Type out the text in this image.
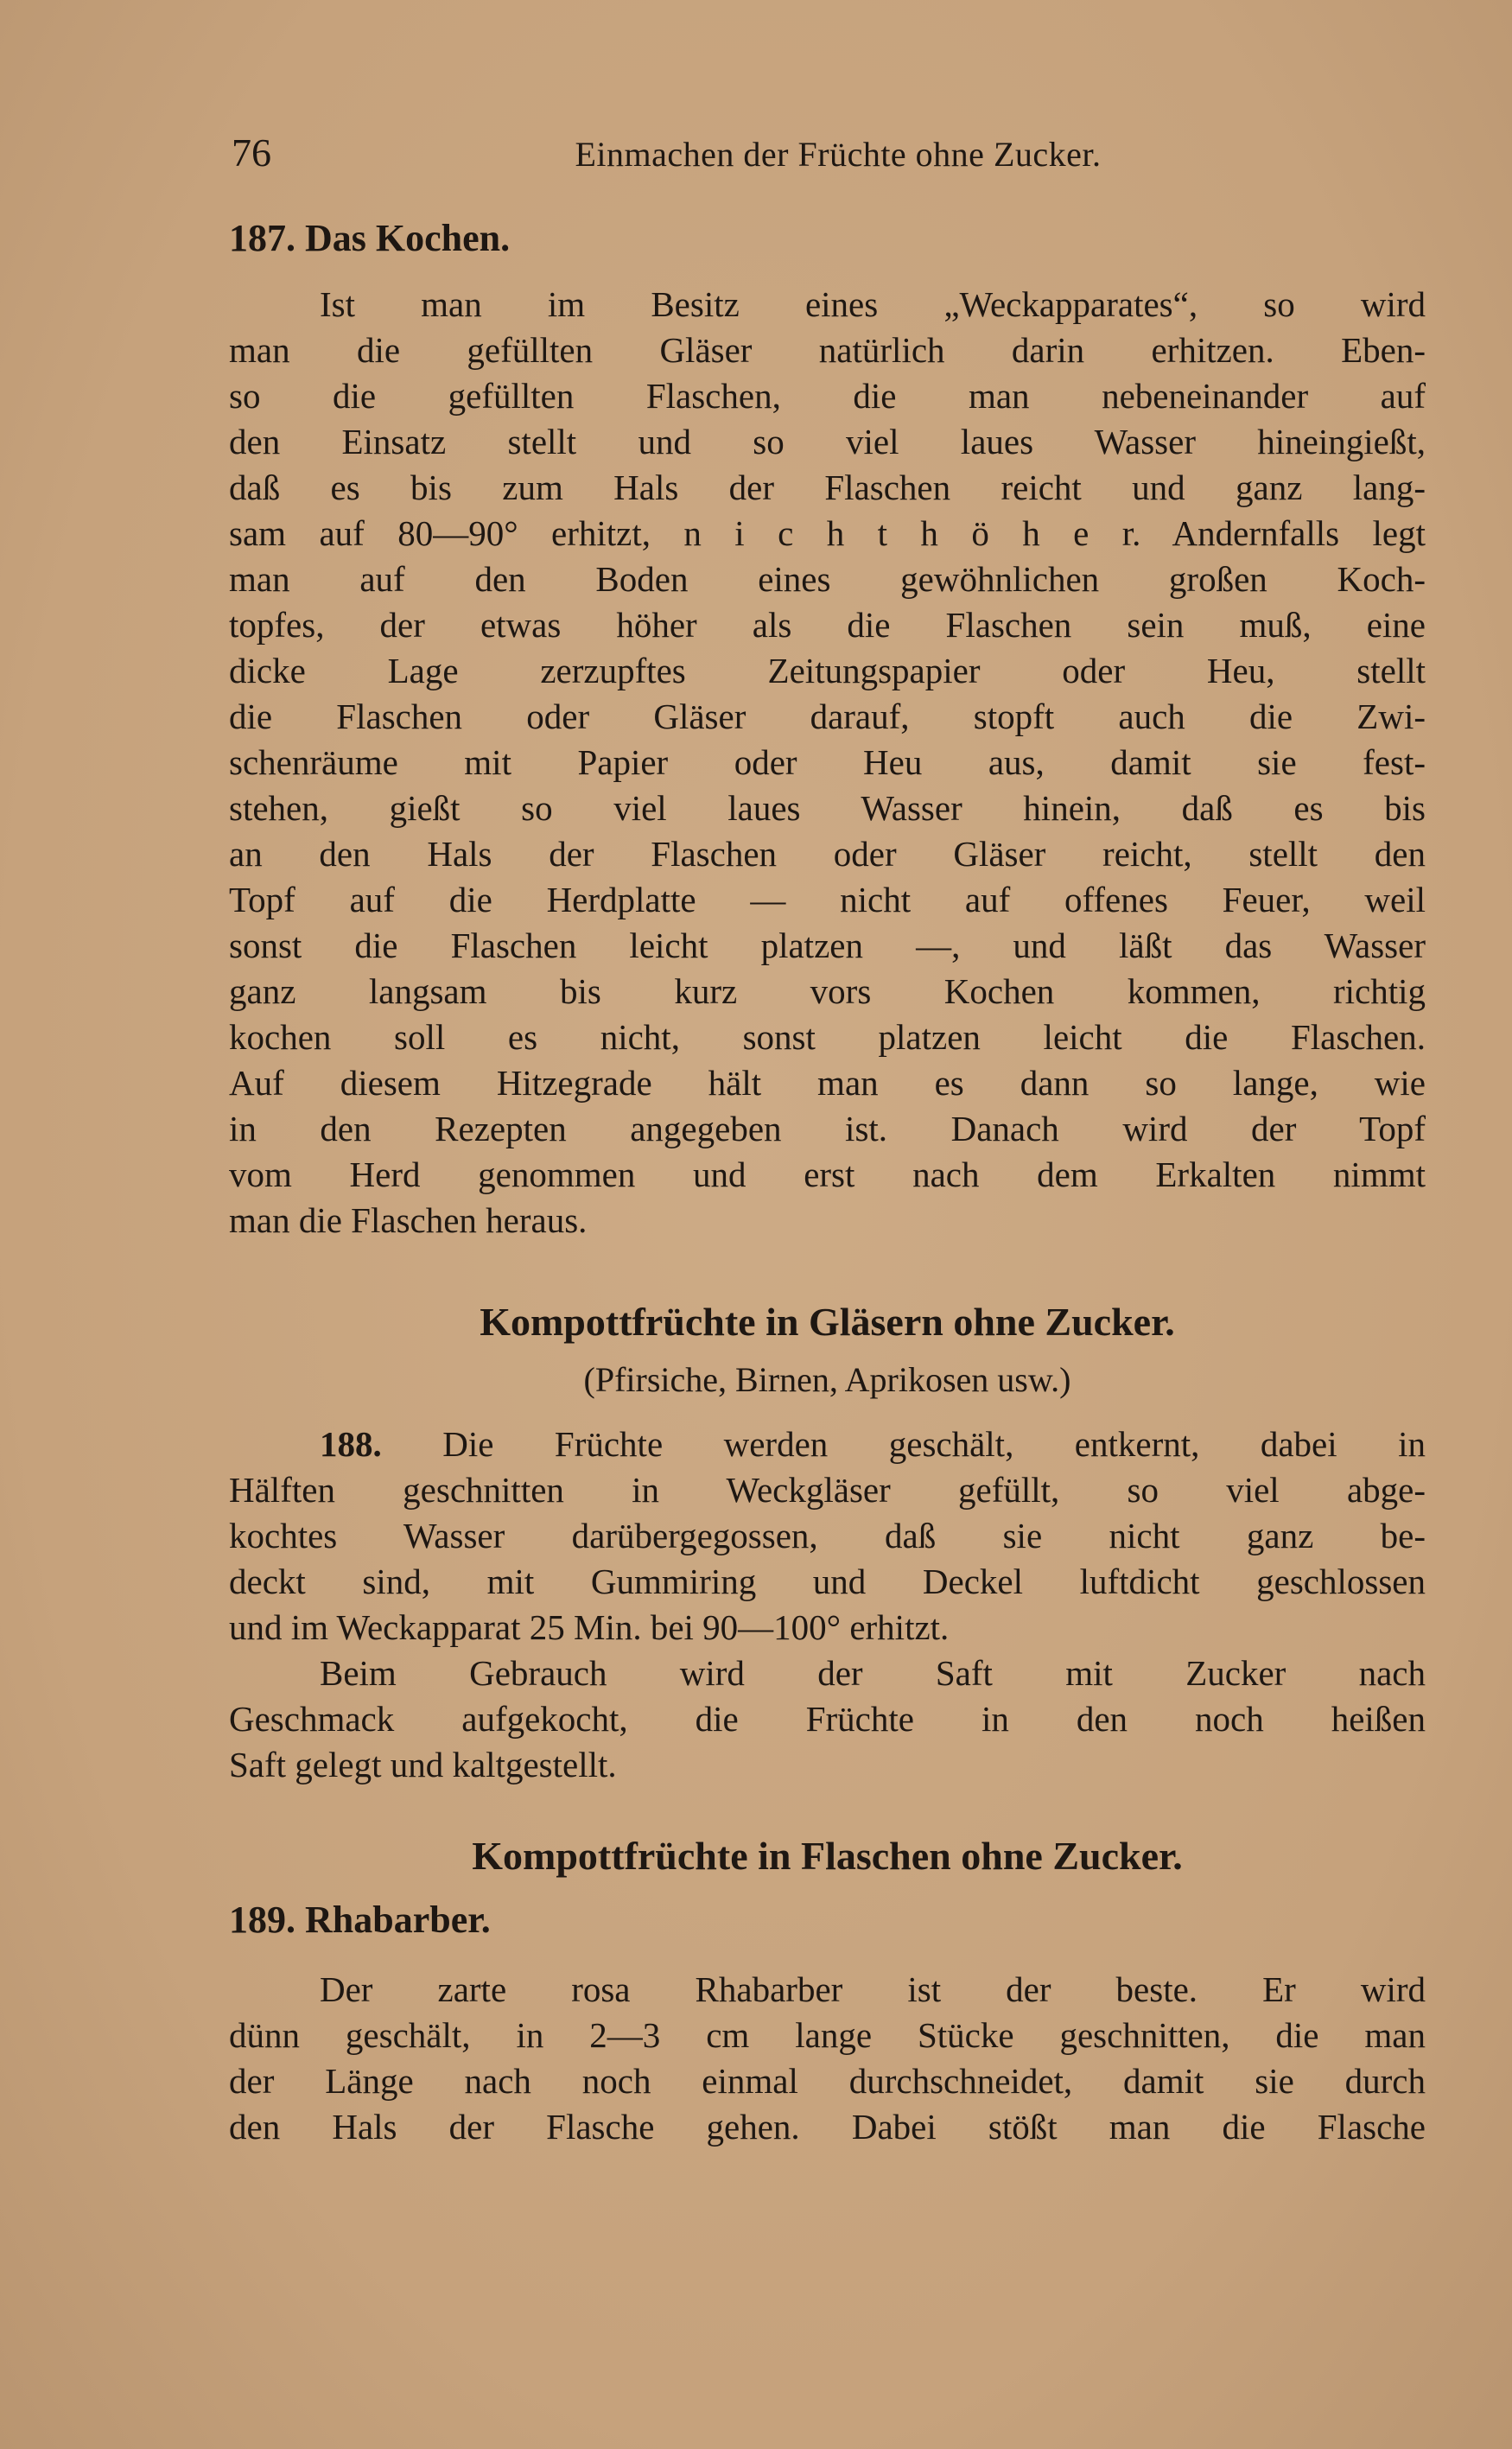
76	Einmachen der Früchte ohne Zucker.
187. Das Kochen.
Ist man im Besitz eines „Weckapparates“, so wird
man die gefüllten Gläser natürlich darin erhitzen. Eben-
so die gefüllten Flaschen, die man nebeneinander auf
den Einsatz stellt und so viel laues Wasser hineingießt,
daß es bis zum Hals der Flaschen reicht und ganz lang-
sam auf 80—90° erhitzt, n i c h t h ö h e r. Andernfalls legt
man auf den Boden eines gewöhnlichen großen Koch-
topfes, der etwas höher als die Flaschen sein muß, eine
dicke Lage zerzupftes Zeitungspapier oder Heu, stellt
die Flaschen oder Gläser darauf, stopft auch die Zwi-
schenräume mit Papier oder Heu aus, damit sie fest-
stehen, gießt so viel laues Wasser hinein, daß es bis
an den Hals der Flaschen oder Gläser reicht, stellt den
Topf auf die Herdplatte — nicht auf offenes Feuer, weil
sonst die Flaschen leicht platzen —, und läßt das Wasser
ganz langsam bis kurz vors Kochen kommen, richtig
kochen soll es nicht, sonst platzen leicht die Flaschen.
Auf diesem Hitzegrade hält man es dann so lange, wie
in den Rezepten angegeben ist. Danach wird der Topf
vom Herd genommen und erst nach dem Erkalten nimmt
man die Flaschen heraus.
Kompottfrüchte in Gläsern ohne Zucker.
(Pfirsiche, Birnen, Aprikosen usw.)
188. Die Früchte werden geschält, entkernt, dabei in
Hälften geschnitten in Weckgläser gefüllt, so viel abge-
kochtes Wasser darübergegossen, daß sie nicht ganz be-
deckt sind, mit Gummiring und Deckel luftdicht geschlossen
und im Weckapparat 25 Min. bei 90—100° erhitzt.
Beim Gebrauch wird der Saft mit Zucker nach
Geschmack aufgekocht, die Früchte in den noch heißen
Saft gelegt und kaltgestellt.
Kompottfrüchte in Flaschen ohne Zucker.
189. Rhabarber.
Der zarte rosa Rhabarber ist der beste. Er wird
dünn geschält, in 2—3 cm lange Stücke geschnitten, die man
der Länge nach noch einmal durchschneidet, damit sie durch
den Hals der Flasche gehen. Dabei stößt man die Flasche
